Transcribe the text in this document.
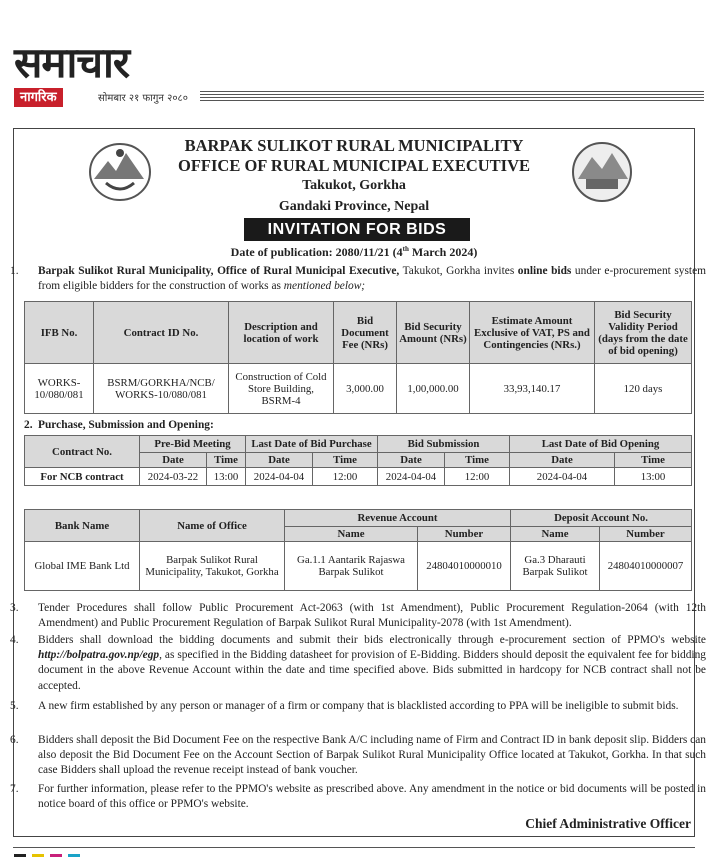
समाचार
नागरिक	सोमबार २१ फागुन २०८०
BARPAK SULIKOT RURAL MUNICIPALITY
OFFICE OF RURAL MUNICIPAL EXECUTIVE
Takukot, Gorkha
Gandaki Province, Nepal
INVITATION FOR BIDS
Date of publication: 2080/11/21 (4th March 2024)
1. Barpak Sulikot Rural Municipality, Office of Rural Municipal Executive, Takukot, Gorkha invites online bids under e-procurement system from eligible bidders for the construction of works as mentioned below;
IFB No.	Contract ID No.	Description and location of work	Bid Document Fee (NRs)	Bid Security Amount (NRs)	Estimate Amount Exclusive of VAT, PS and Contingencies (NRs.)	Bid Security Validity Period (days from the date of bid opening)
WORKS-10/080/081	BSRM/GORKHA/NCB/ WORKS-10/080/081	Construction of Cold Store Building, BSRM-4	3,000.00	1,00,000.00	33,93,140.17	120 days
2. Purchase, Submission and Opening:
Contract No.	Pre-Bid Meeting		Last Date of Bid Purchase		Bid Submission		Last Date of Bid Opening	
	Date	Time	Date	Time	Date	Time	Date	Time
For NCB contract	2024-03-22	13:00	2024-04-04	12:00	2024-04-04	12:00	2024-04-04	13:00
Bank Name	Name of Office	Revenue Account		Deposit Account No.	
		Name	Number	Name	Number
Global IME Bank Ltd	Barpak Sulikot Rural Municipality, Takukot, Gorkha	Ga.1.1 Aantarik Rajaswa Barpak Sulikot	24804010000010	Ga.3 Dharauti Barpak Sulikot	24804010000007
3. Tender Procedures shall follow Public Procurement Act-2063 (with 1st Amendment), Public Procurement Regulation-2064 (with 12th Amendment) and Public Procurement Regulation of Barpak Sulikot Rural Municipality-2078 (with 1st Amendment).
4. Bidders shall download the bidding documents and submit their bids electronically through e-procurement section of PPMO's website http://bolpatra.gov.np/egp, as specified in the Bidding datasheet for provision of E-Bidding. Bidders should deposit the equivalent fee for bidding document in the above Revenue Account within the date and time specified above. Bids submitted in hardcopy for NCB contract shall not be accepted.
5. A new firm established by any person or manager of a firm or company that is blacklisted according to PPA will be ineligible to submit bids.
6. Bidders shall deposit the Bid Document Fee on the respective Bank A/C including name of Firm and Contract ID in bank deposit slip. Bidders can also deposit the Bid Document Fee on the Account Section of Barpak Sulikot Rural Municipality Office located at Takukot, Gorkha. In that such case Bidders shall upload the revenue receipt instead of bank voucher.
7. For further information, please refer to the PPMO's website as prescribed above. Any amendment in the notice or bid documents will be posted in notice board of this office or PPMO's website.
Chief Administrative Officer
